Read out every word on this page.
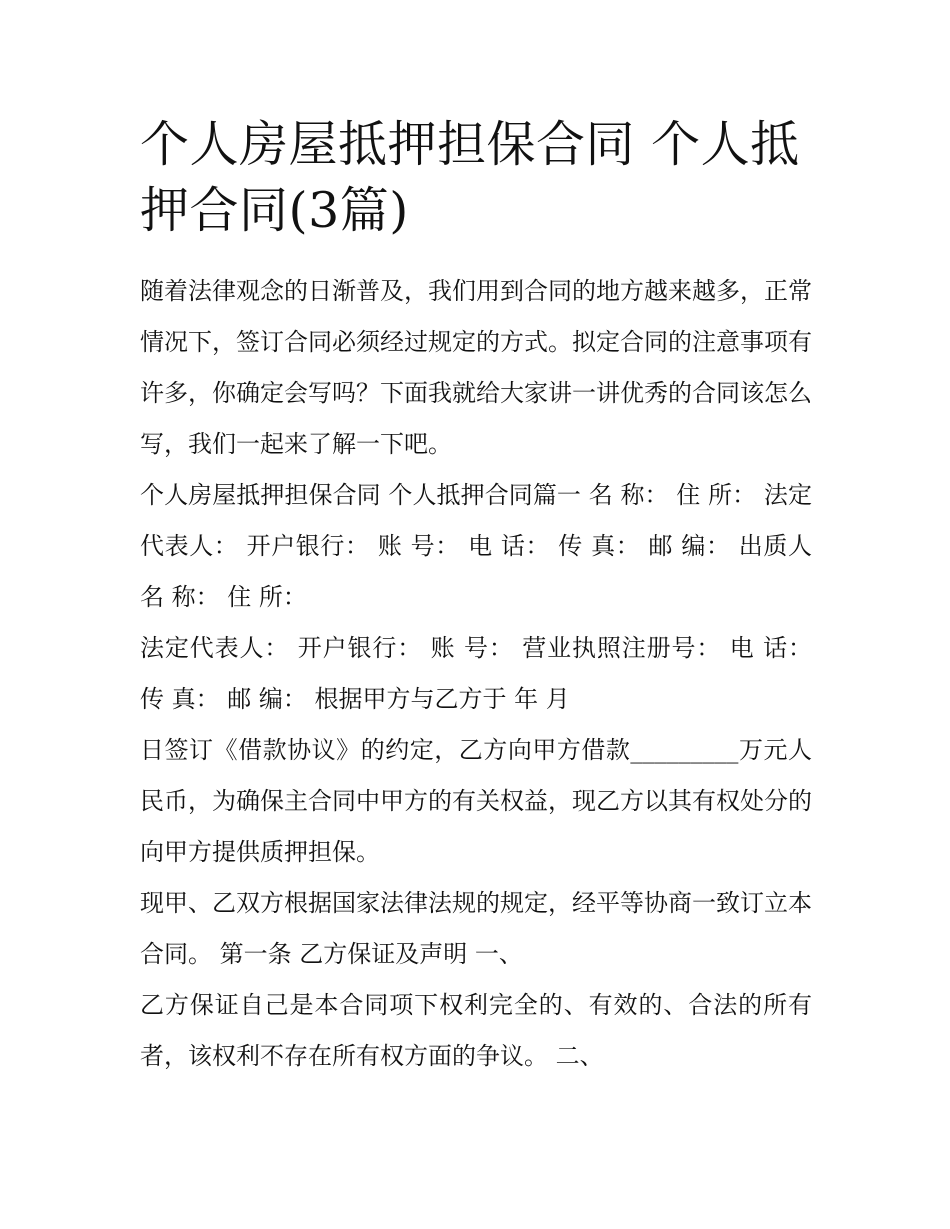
个人房屋抵押担保合同 个人抵押合同(3篇)

随着法律观念的日渐普及，我们用到合同的地方越来越多，正常情况下，签订合同必须经过规定的方式。拟定合同的注意事项有许多，你确定会写吗？下面我就给大家讲一讲优秀的合同该怎么写，我们一起来了解一下吧。

个人房屋抵押担保合同 个人抵押合同篇一 名 称： 住 所： 法定代表人： 开户银行： 账 号： 电 话： 传 真： 邮 编： 出质人 名 称： 住 所：

法定代表人： 开户银行： 账 号： 营业执照注册号： 电 话： 传 真： 邮 编： 根据甲方与乙方于 年 月

日签订《借款协议》的约定，乙方向甲方借款_________万元人民币，为确保主合同中甲方的有关权益，现乙方以其有权处分的 向甲方提供质押担保。

现甲、乙双方根据国家法律法规的规定，经平等协商一致订立本合同。 第一条 乙方保证及声明 一、

乙方保证自己是本合同项下权利完全的、有效的、合法的所有者，该权利不存在所有权方面的争议。 二、
